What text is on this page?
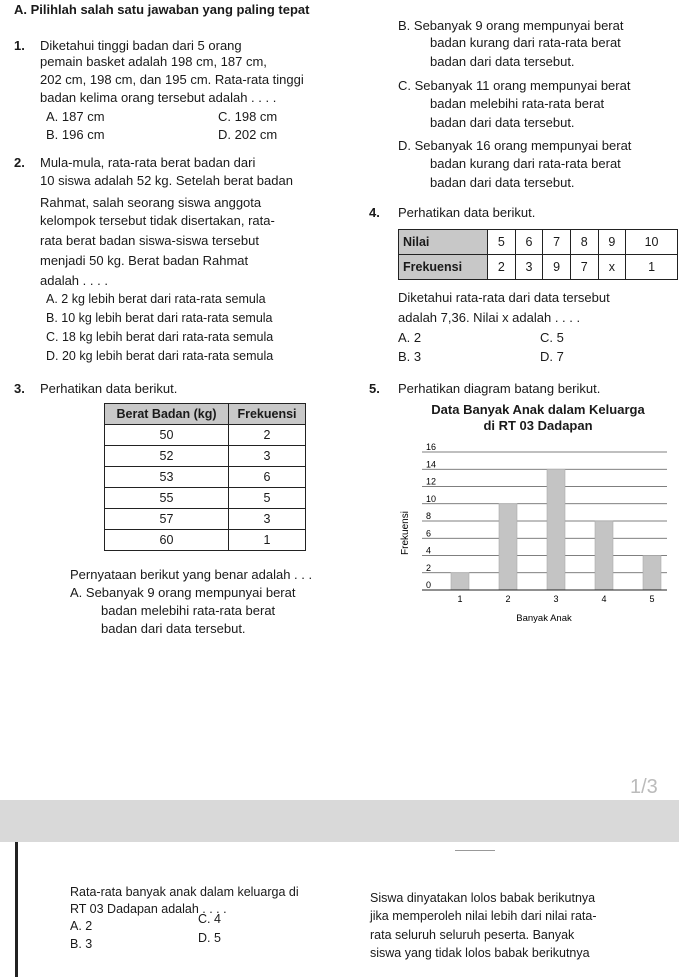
A. Pilihlah salah satu jawaban yang paling tepat
1. Diketahui tinggi badan dari 5 orang
pemain basket adalah 198 cm, 187 cm,
202 cm, 198 cm, dan 195 cm. Rata-rata tinggi
badan kelima orang tersebut adalah . . . .
A. 187 cm	C. 198 cm
B. 196 cm	D. 202 cm
2. Mula-mula, rata-rata berat badan dari
10 siswa adalah 52 kg. Setelah berat badan
Rahmat, salah seorang siswa anggota
kelompok tersebut tidak disertakan, rata-
rata berat badan siswa-siswa tersebut
menjadi 50 kg. Berat badan Rahmat
adalah . . . .
A. 2 kg lebih berat dari rata-rata semula
B. 10 kg lebih berat dari rata-rata semula
C. 18 kg lebih berat dari rata-rata semula
D. 20 kg lebih berat dari rata-rata semula
3. Perhatikan data berikut.
Berat Badan (kg)	Frekuensi
50	2
52	3
53	6
55	5
57	3
60	1
Pernyataan berikut yang benar adalah . . .
A. Sebanyak 9 orang mempunyai berat
badan melebihi rata-rata berat
badan dari data tersebut.
B. Sebanyak 9 orang mempunyai berat
badan kurang dari rata-rata berat
badan dari data tersebut.
C. Sebanyak 11 orang mempunyai berat
badan melebihi rata-rata berat
badan dari data tersebut.
D. Sebanyak 16 orang mempunyai berat
badan kurang dari rata-rata berat
badan dari data tersebut.
4. Perhatikan data berikut.
Nilai	5	6	7	8	9	10
Frekuensi	2	3	9	7	x	1
Diketahui rata-rata dari data tersebut
adalah 7,36. Nilai x adalah . . . .
A. 2	C. 5
B. 3	D. 7
5. Perhatikan diagram batang berikut.
Data Banyak Anak dalam Keluarga
di RT 03 Dadapan
0
2
4
6
8
10
12
14
16
1	2	3	4	5
Frekuensi
Banyak Anak
1/3
Rata-rata banyak anak dalam keluarga di
RT 03 Dadapan adalah . . . .
A. 2	C. 4
B. 3	D. 5
Siswa dinyatakan lolos babak berikutnya
jika memperoleh nilai lebih dari nilai rata-
rata seluruh seluruh peserta. Banyak
siswa yang tidak lolos babak berikutnya
